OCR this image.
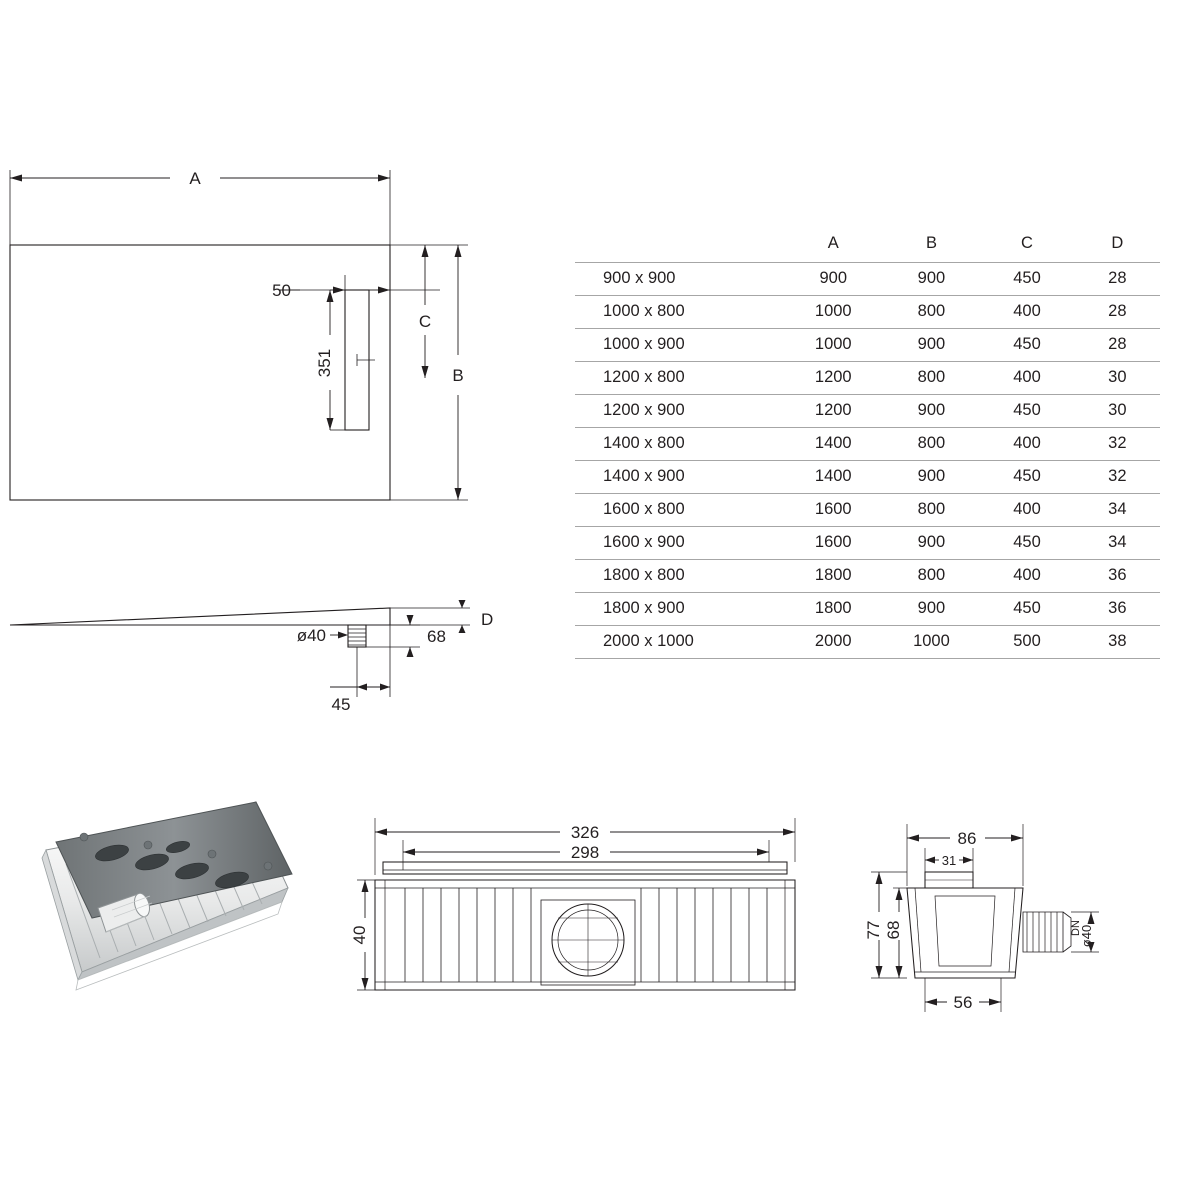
A
B
C
50
351
D
68
ø40
45
	A	B	C	D
900 x 900	900	900	450	28
1000 x 800	1000	800	400	28
1000 x 900	1000	900	450	28
1200 x 800	1200	800	400	30
1200 x 900	1200	900	450	30
1400 x 800	1400	800	400	32
1400 x 900	1400	900	450	32
1600 x 800	1600	800	400	34
1600 x 900	1600	900	450	34
1800 x 800	1800	800	400	36
1800 x 900	1800	900	450	36
2000 x 1000	2000	1000	500	38
326
298
40
86
31
77 68
56
DN
ø40
